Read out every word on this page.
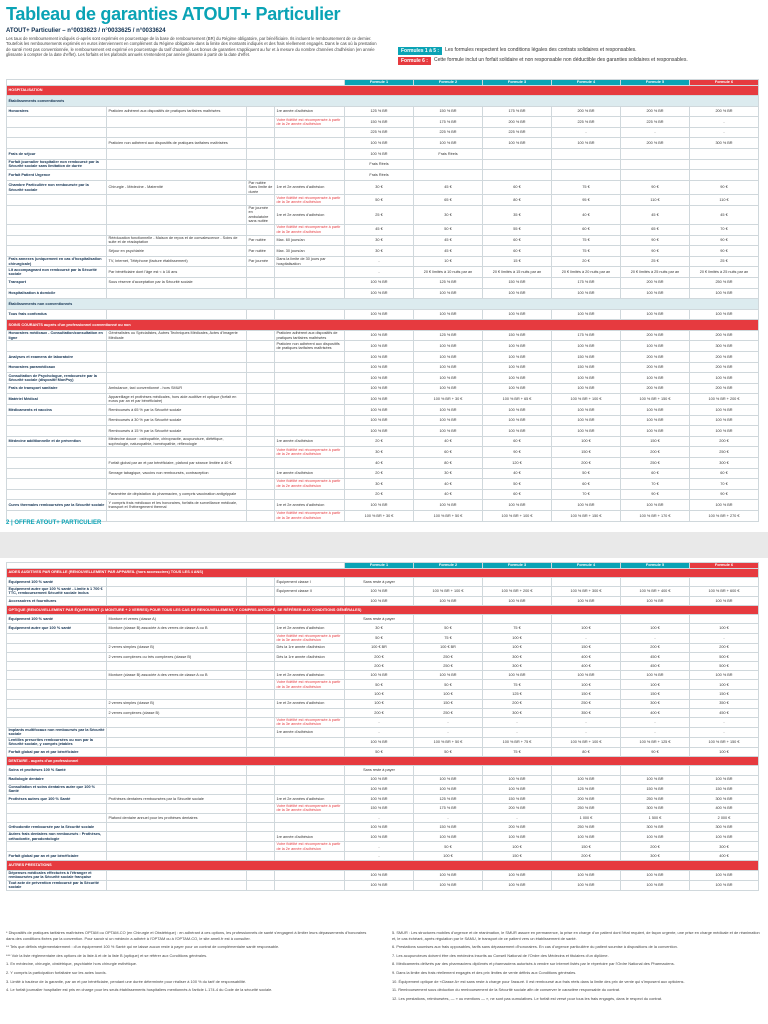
Tableau de garanties ATOUT+ Particulier
ATOUT+ Particulier – n°0033623 / n°0033625 / n°0033624
Les taux de remboursement indiqués ci-après sont exprimés en pourcentage de la base de remboursement (BR) du Régime obligatoire, par bénéficiaire. Ils incluent le remboursement de ce dernier. Toutefois les remboursements exprimés en euros interviennent en complément du Régime obligatoire dans la limite des montants indiqués et des frais réellement engagés. Dans le cas où la prestation de santé n'est pas conventionnée, le remboursement est exprimé en pourcentage du tarif d'autorité. Les bonus de garanties s'appliquent au fur et à mesure du nombre d'années d'adhésion (en année glissante à compter de la date d'effet). Les forfaits et les plafonds annuels s'entendent par année glissante à partir de la date d'effet.
Formules 1 à 5 :	Les formules respectent les conditions légales des contrats solidaires et responsables.
Formule 6 :	Cette formule inclut un forfait solidaire et non responsable non déductible des garanties solidaires et responsables.
				Formule 1	Formule 2	Formule 3	Formule 4	Formule 5	Formule 6
HOSPITALISATION									
Établissements conventionnés									
Honoraires	Praticien adhérent aux dispositifs de pratiques tarifaires maîtrisées		1re année d'adhésion	125 % BR	150 % BR	175 % BR	200 % BR	200 % BR	200 % BR
			Votre fidélité est récompensée à partir de la 2e année d'adhésion	150 % BR	175 % BR	200 % BR	225 % BR	225 % BR	-
				225 % BR	225 % BR	225 % BR	-	-	-
	Praticien non adhérent aux dispositifs de pratiques tarifaires maîtrisées			100 % BR	100 % BR	100 % BR	100 % BR	200 % BR	300 % BR
Frais de séjour				100 % BR	Frais Réels				
Forfait journalier hospitalier non remboursé par la Sécurité sociale sans limitation de durée				Frais Réels					
Forfait Patient Urgence				Frais Réels					
Chambre Particulière non remboursée par la Sécurité sociale	Chirurgie - Médecine - Maternité	Par nuitée Sans limite de durée	1re et 2e années d'adhésion	30 €	45 €	60 €	75 €	90 €	90 €
			Votre fidélité est récompensée à partir de la 3e année d'adhésion	50 €	65 €	80 €	95 €	110 €	110 €
		Par journée en ambulatoire sans nuitée	1re et 2e années d'adhésion	25 €	30 €	35 €	40 €	45 €	45 €
			Votre fidélité est récompensée à partir de la 3e année d'adhésion	45 €	50 €	55 €	60 €	65 €	70 €
	Rééducation fonctionnelle - Maison de repos et de convalescence - Soins de suite et de réadaptation	Par nuitée	Max. 60 jours/an	30 €	45 €	60 €	75 €	90 €	90 €
	Séjour en psychiatrie	Par nuitée	Max. 30 jours/an	30 €	45 €	60 €	75 €	90 €	90 €
Frais annexes (uniquement en cas d'hospitalisation chirurgicale)	TV, Internet, Téléphone (facture établissement)	Par journée	Dans la limite de 30 jours par hospitalisation	-	10 €	15 €	20 €	25 €	25 €
Lit accompagnant non remboursé par la Sécurité sociale	Par bénéficiaire dont l'âge est < à 16 ans			-	20 € limités à 10 nuits par an	20 € limités à 15 nuits par an	20 € limités à 20 nuits par an	20 € limités à 25 nuits par an	20 € limités à 25 nuits par an
Transport	Sous réserve d'acceptation par la Sécurité sociale			100 % BR	125 % BR	150 % BR	175 % BR	200 % BR	250 % BR
Hospitalisation à domicile				100 % BR	100 % BR	100 % BR	100 % BR	100 % BR	100 % BR
Établissements non conventionnés									
Tous frais confondus				100 % BR	100 % BR	100 % BR	100 % BR	100 % BR	100 % BR
SOINS COURANTS auprès d'un professionnel conventionné ou non									
Honoraires médicaux - Consultation/consultation en ligne	Généralistes ou Spécialistes, Autres Techniques Médicales, Actes d'Imagerie Médicale		Praticien adhérent aux dispositifs de pratiques tarifaires maîtrisées	100 % BR	125 % BR	150 % BR	175 % BR	200 % BR	200 % BR
			Praticien non adhérent aux dispositifs de pratiques tarifaires maîtrisées	100 % BR	100 % BR	100 % BR	100 % BR	100 % BR	300 % BR
Analyses et examens de laboratoire				100 % BR	100 % BR	100 % BR	150 % BR	200 % BR	200 % BR
Honoraires paramédicaux				100 % BR	100 % BR	100 % BR	150 % BR	200 % BR	200 % BR
Consultation de Psychologue, remboursée par la Sécurité sociale (dispositif MonPsy)				100 % BR	100 % BR	100 % BR	100 % BR	100 % BR	100 % BR
Frais de transport sanitaire	Ambulance, taxi conventionné - hors SMUR			100 % BR	100 % BR	100 % BR	100 % BR	200 % BR	200 % BR
Matériel Médical	Appareillage et prothèses médicales, hors aide auditive et optique (forfait en euros par an et par bénéficiaire)			100 % BR	100 % BR + 30 €	100 % BR + 65 €	100 % BR + 100 €	100 % BR + 150 €	100 % BR + 200 €
Médicaments et vaccins	Remboursés à 65 % par la Sécurité sociale			100 % BR	100 % BR	100 % BR	100 % BR	100 % BR	100 % BR
	Remboursés à 30 % par la Sécurité sociale			100 % BR	100 % BR	100 % BR	100 % BR	100 % BR	100 % BR
	Remboursés à 15 % par la Sécurité sociale			100 % BR	100 % BR	100 % BR	100 % BR	100 % BR	100 % BR
Médecine additionnelle et de prévention	Médecine douce : ostéopathie, chiropractie, acupuncture, diététique, sophrologie, naturopathie, homéopathie, réflexologie		1re année d'adhésion	20 €	40 €	60 €	100 €	150 €	200 €
			Votre fidélité est récompensée à partir de la 2e année d'adhésion	30 €	60 €	90 €	150 €	200 €	250 €
	Forfait global par an et par bénéficiaire, plafond par séance limitée à 40 €			40 €	80 €	120 €	200 €	250 €	300 €
	Sevrage tabagique, vaccins non remboursés, contraception		1re année d'adhésion	20 €	30 €	40 €	50 €	60 €	60 €
			Votre fidélité est récompensée à partir de la 2e année d'adhésion	30 €	40 €	50 €	60 €	70 €	70 €
	Paramètre de dépistation du pharmacien, y compris vaccination antigrippale			20 €	40 €	60 €	70 €	90 €	90 €
Cures thermales remboursées par la Sécurité sociale	Y compris frais médicaux et les honoraires, forfaits de surveillance médicale, transport et l'hébergement thermal		1re et 2e années d'adhésion	100 % BR	100 % BR	100 % BR	100 % BR	100 % BR	100 % BR
			Votre fidélité est récompensée à partir de la 3e année d'adhésion	100 % BR + 30 €	100 % BR + 50 €	100 % BR + 100 €	100 % BR + 150 €	100 % BR + 170 €	100 % BR + 270 €
2 | OFFRE ATOUT+ PARTICULIER
				Formule 1	Formule 2	Formule 3	Formule 4	Formule 5	Formule 6
AIDES AUDITIVES PAR OREILLE (RENOUVELLEMENT PAR APPAREIL (hors accessoires) TOUS LES 4 ANS)									
Équipement 100 % santé			Équipement classe I	Sans reste à payer					
Équipement autre que 100 % santé - Limite à 1 700 € TTC, remboursement Sécurité sociale inclus			Équipement classe II	100 % BR	100 % BR + 100 €	100 % BR + 200 €	100 % BR + 300 €	100 % BR + 400 €	100 % BR + 600 €
Accessoires et fournitures				100 % BR	100 % BR	100 % BR	100 % BR	100 % BR	100 % BR
OPTIQUE (RENOUVELLEMENT PAR ÉQUIPEMENT (1 MONTURE + 2 VERRES) POUR TOUS LES CAS DE RENOUVELLEMENT, Y COMPRIS ANTICIPÉ, SE RÉFÉRER AUX CONDITIONS GÉNÉRALES)									
Équipement 100 % santé	Monture et verres (classe A)			Sans reste à payer					
Équipement autre que 100 % santé	Monture (classe B) associée à des verres de classe A ou B		1re et 2e années d'adhésion	30 €	50 €	75 €	100 €	100 €	100 €
			Votre fidélité est récompensée à partir de la 3e année d'adhésion	50 €	75 €	100 €	-	-	-
	2 verres simples (classe B)		Dès la 1re année d'adhésion	100 € BR	100 € BR	100 €	150 €	200 €	200 €
	2 verres complexes ou très complexes (classe B)		Dès la 1re année d'adhésion	200 €	250 €	300 €	400 €	450 €	500 €
				200 €	250 €	300 €	400 €	450 €	500 €
	Monture (classe B) associée à des verres de classe A ou B		1re et 2e années d'adhésion	100 % BR	100 % BR	100 % BR	100 % BR	100 % BR	100 % BR
			Votre fidélité est récompensée à partir de la 3e année d'adhésion	50 €	50 €	75 €	100 €	100 €	100 €
				100 €	100 €	125 €	150 €	150 €	150 €
	2 verres simples (classe B)		1re et 2e années d'adhésion	100 €	150 €	200 €	250 €	300 €	350 €
	2 verres complexes (classe B)			200 €	250 €	300 €	350 €	400 €	450 €
			Votre fidélité est récompensée à partir de la 3e année d'adhésion	-	-	-	-	-	-
Implants multifocaux non remboursés par la Sécurité sociale			1re année d'adhésion	-	-	-	-	-	-
Lentilles prescrites remboursées ou non par la Sécurité sociale, y compris jetables				100 % BR	100 % BR + 50 €	100 % BR + 75 €	100 % BR + 100 €	100 % BR + 125 €	100 % BR + 150 €
Forfait global par an et par bénéficiaire				50 €	50 €	75 €	80 €	90 €	100 €
DENTAIRE - auprès d'un professionnel									
Soins et prothèses 100 % Santé				Sans reste à payer					
Radiologie dentaire				100 % BR	100 % BR	100 % BR	100 % BR	100 % BR	100 % BR
Consultation et soins dentaires autre que 100 % Santé				100 % BR	100 % BR	100 % BR	125 % BR	150 % BR	150 % BR
Prothèses autres que 100 % Santé	Prothèses dentaires remboursées par la Sécurité sociale		1re et 2e années d'adhésion	100 % BR	125 % BR	150 % BR	200 % BR	250 % BR	300 % BR
			Votre fidélité est récompensée à partir de la 3e année d'adhésion	150 % BR	175 % BR	200 % BR	250 % BR	300 % BR	400 % BR
	Plafond dentaire annuel pour les prothèses dentaires			-	-	-	1 000 €	1 500 €	2 000 €
Orthodontie remboursée par la Sécurité sociale				100 % BR	150 % BR	200 % BR	250 % BR	300 % BR	300 % BR
Autres frais dentaires non remboursés : Prothèses, orthodontie, parodontologie			1re année d'adhésion	100 % BR	100 % BR	100 % BR	100 % BR	100 % BR	100 % BR
			Votre fidélité est récompensée à partir de la 2e année d'adhésion	-	50 €	100 €	150 €	200 €	300 €
Forfait global par an et par bénéficiaire				-	100 €	150 €	200 €	300 €	400 €
AUTRES PRESTATIONS									
Dépenses médicales effectuées à l'étranger et remboursées par la Sécurité sociale française				100 % BR	100 % BR	100 % BR	100 % BR	100 % BR	100 % BR
Tout acte de prévention remboursé par la Sécurité sociale				100 % BR	100 % BR	100 % BR	100 % BR	100 % BR	100 % BR

* Dispositifs de pratiques tarifaires maîtrisées OPTAM ou OPTAM-CO (en Chirurgie et Obstétrique) : en adhérant à ces options, les professionnels de santé s'engagent à limiter leurs dépassements d'honoraires dans des conditions fixées par la convention. Pour savoir si un médecin a adhéré à l'OPTAM ou à l'OPTAM-CO, le site ameli.fr est à consulter.

** Tels que définis réglementairement : d'un équipement 100 % Santé qui ne laisse aucun reste à payer pour un contrat de complémentaire santé responsable.

*** Voir la liste réglementaire des options de la liste A et de la liste B (optique) et se référer aux Conditions générales.

1. En médecine, chirurgie, obstétrique, psychiatrie hors chirurgie esthétique.

2. Y compris la participation forfaitaire sur les actes lourds.

3. Limité à hauteur de la garantie, par an et par bénéficiaire, pendant une durée déterminée pour réaliser à 100 % du tarif de responsabilité.

4. Le forfait journalier hospitalier est pris en charge pour les seuls établissements hospitaliers mentionnés à l'article L.174-4 du Code de la sécurité sociale.

5. SMUR : Les structures mobiles d'urgence et de réanimation, le SMUR assure en permanence, la prise en charge d'un patient dont l'état requiert, de façon urgente, une prise en charge médicale et de réanimation et, le cas échéant, après régulation par le SAMU, le transport de ce patient vers un établissement de santé.

6. Prestations soumises aux frais opposables, tarifs sans dépassement d'honoraires. En cas d'urgence particulière du patient soumise à dispositions de la convention.

7. Les acupuncteurs doivent être des médecins inscrits au Conseil National de l'Ordre des Médecins et titulaires d'un diplôme.

8. Médicaments délivrés par des pharmaciens diplômés et pharmaciens autorisés à vendre sur internet listés par le répertoire par l'Ordre National des Pharmaciens.

9. Dans la limite des frais réellement engagés et des prix limites de vente définis aux Conditions générales.

10. Équipement optique de «Classe A» est sans reste à charge pour l'assuré. Il est remboursé aux frais réels dans la limite des prix de vente qui s'imposent aux opticiens.

11. Remboursement sous déduction du remboursement de la Sécurité sociale afin de conserver le caractère responsable du contrat.

12. Les prestations, reimbursées, — » ou mentions — », ne sont pas cumulatives. Le forfait est versé pour tous les frais engagés, dans le respect du contrat.
